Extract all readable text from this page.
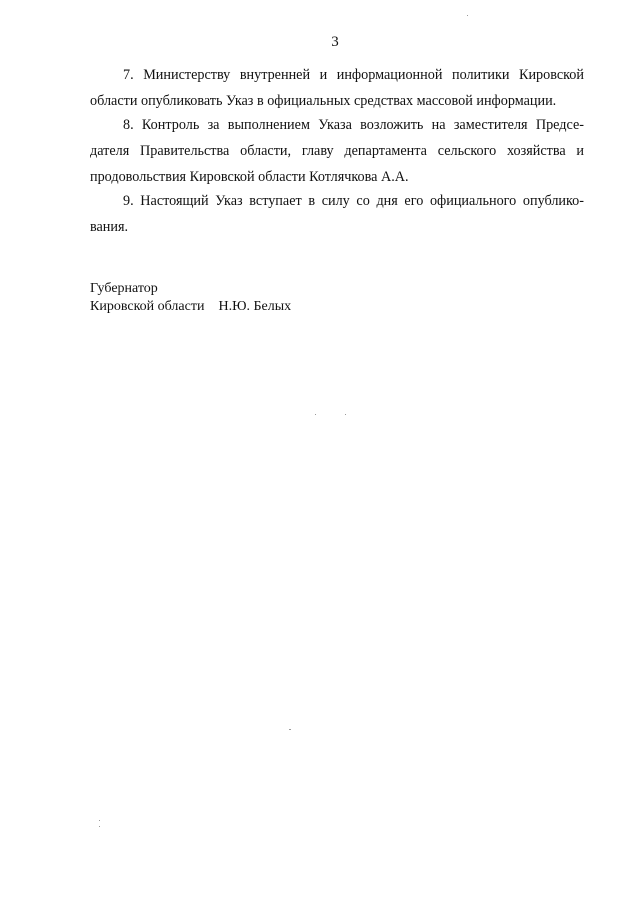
3
7. Министерству внутренней и информационной политики Кировской
области опубликовать Указ в официальных средствах массовой информации.
8. Контроль за выполнением Указа возложить на заместителя Предсе-
дателя Правительства области, главу департамента сельского хозяйства и
продовольствия Кировской области Котлячкова А.А.
9. Настоящий Указ вступает в силу со дня его официального опублико-
вания.
Губернатор
Кировской области Н.Ю. Белых
